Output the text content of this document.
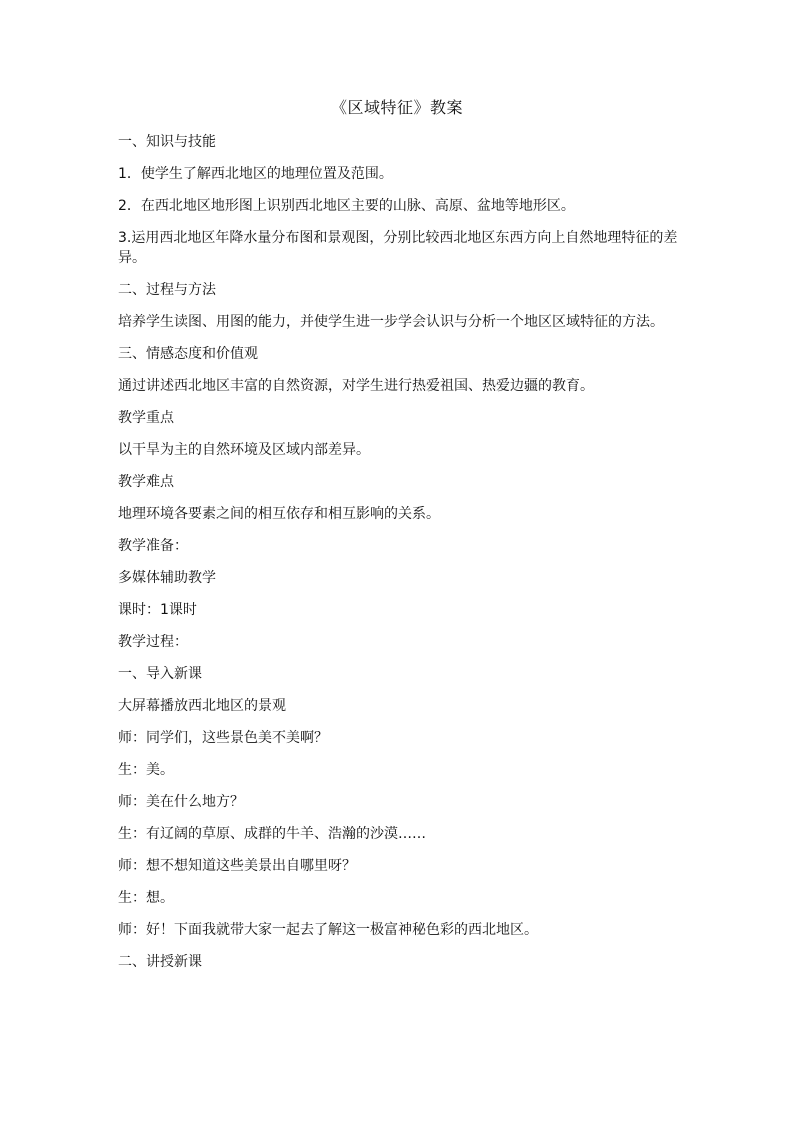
《区域特征》教案

一、知识与技能

1．使学生了解西北地区的地理位置及范围。

2．在西北地区地形图上识别西北地区主要的山脉、高原、盆地等地形区。

3.运用西北地区年降水量分布图和景观图，分别比较西北地区东西方向上自然地理特征的差异。

二、过程与方法

培养学生读图、用图的能力，并使学生进一步学会认识与分析一个地区区域特征的方法。

三、情感态度和价值观

通过讲述西北地区丰富的自然资源，对学生进行热爱祖国、热爱边疆的教育。

教学重点

以干旱为主的自然环境及区域内部差异。

教学难点

地理环境各要素之间的相互依存和相互影响的关系。

教学准备：

多媒体辅助教学

课时：1课时

教学过程：

一、导入新课

大屏幕播放西北地区的景观

师：同学们，这些景色美不美啊？

生：美。

师：美在什么地方？

生：有辽阔的草原、成群的牛羊、浩瀚的沙漠……

师：想不想知道这些美景出自哪里呀？

生：想。

师：好！下面我就带大家一起去了解这一极富神秘色彩的西北地区。

二、讲授新课
